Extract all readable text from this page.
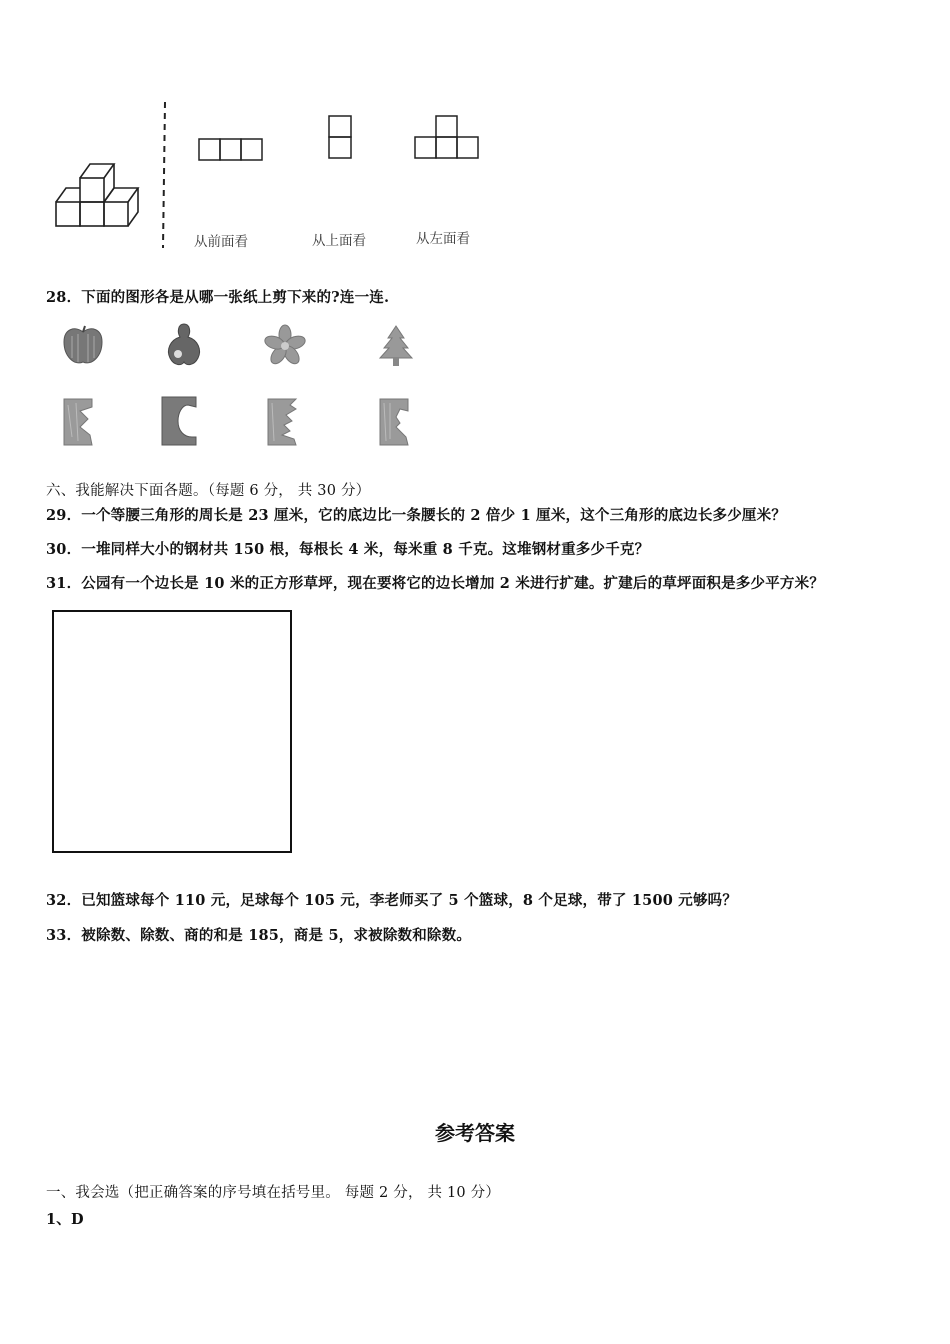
从前面看	从上面看	从左面看
28．下面的图形各是从哪一张纸上剪下来的?连一连.
六、我能解决下面各题。（每题 6 分， 共 30 分）
29．一个等腰三角形的周长是 23 厘米，它的底边比一条腰长的 2 倍少 1 厘米，这个三角形的底边长多少厘米？
30．一堆同样大小的钢材共 150 根，每根长 4 米，每米重 8 千克。这堆钢材重多少千克？
31．公园有一个边长是 10 米的正方形草坪，现在要将它的边长增加 2 米进行扩建。扩建后的草坪面积是多少平方米？
32．已知篮球每个 110 元，足球每个 105 元，李老师买了 5 个篮球，8 个足球，带了 1500 元够吗？
33．被除数、除数、商的和是 185，商是 5，求被除数和除数。
参考答案
一、我会选（把正确答案的序号填在括号里。 每题 2 分， 共 10 分）
1、D
